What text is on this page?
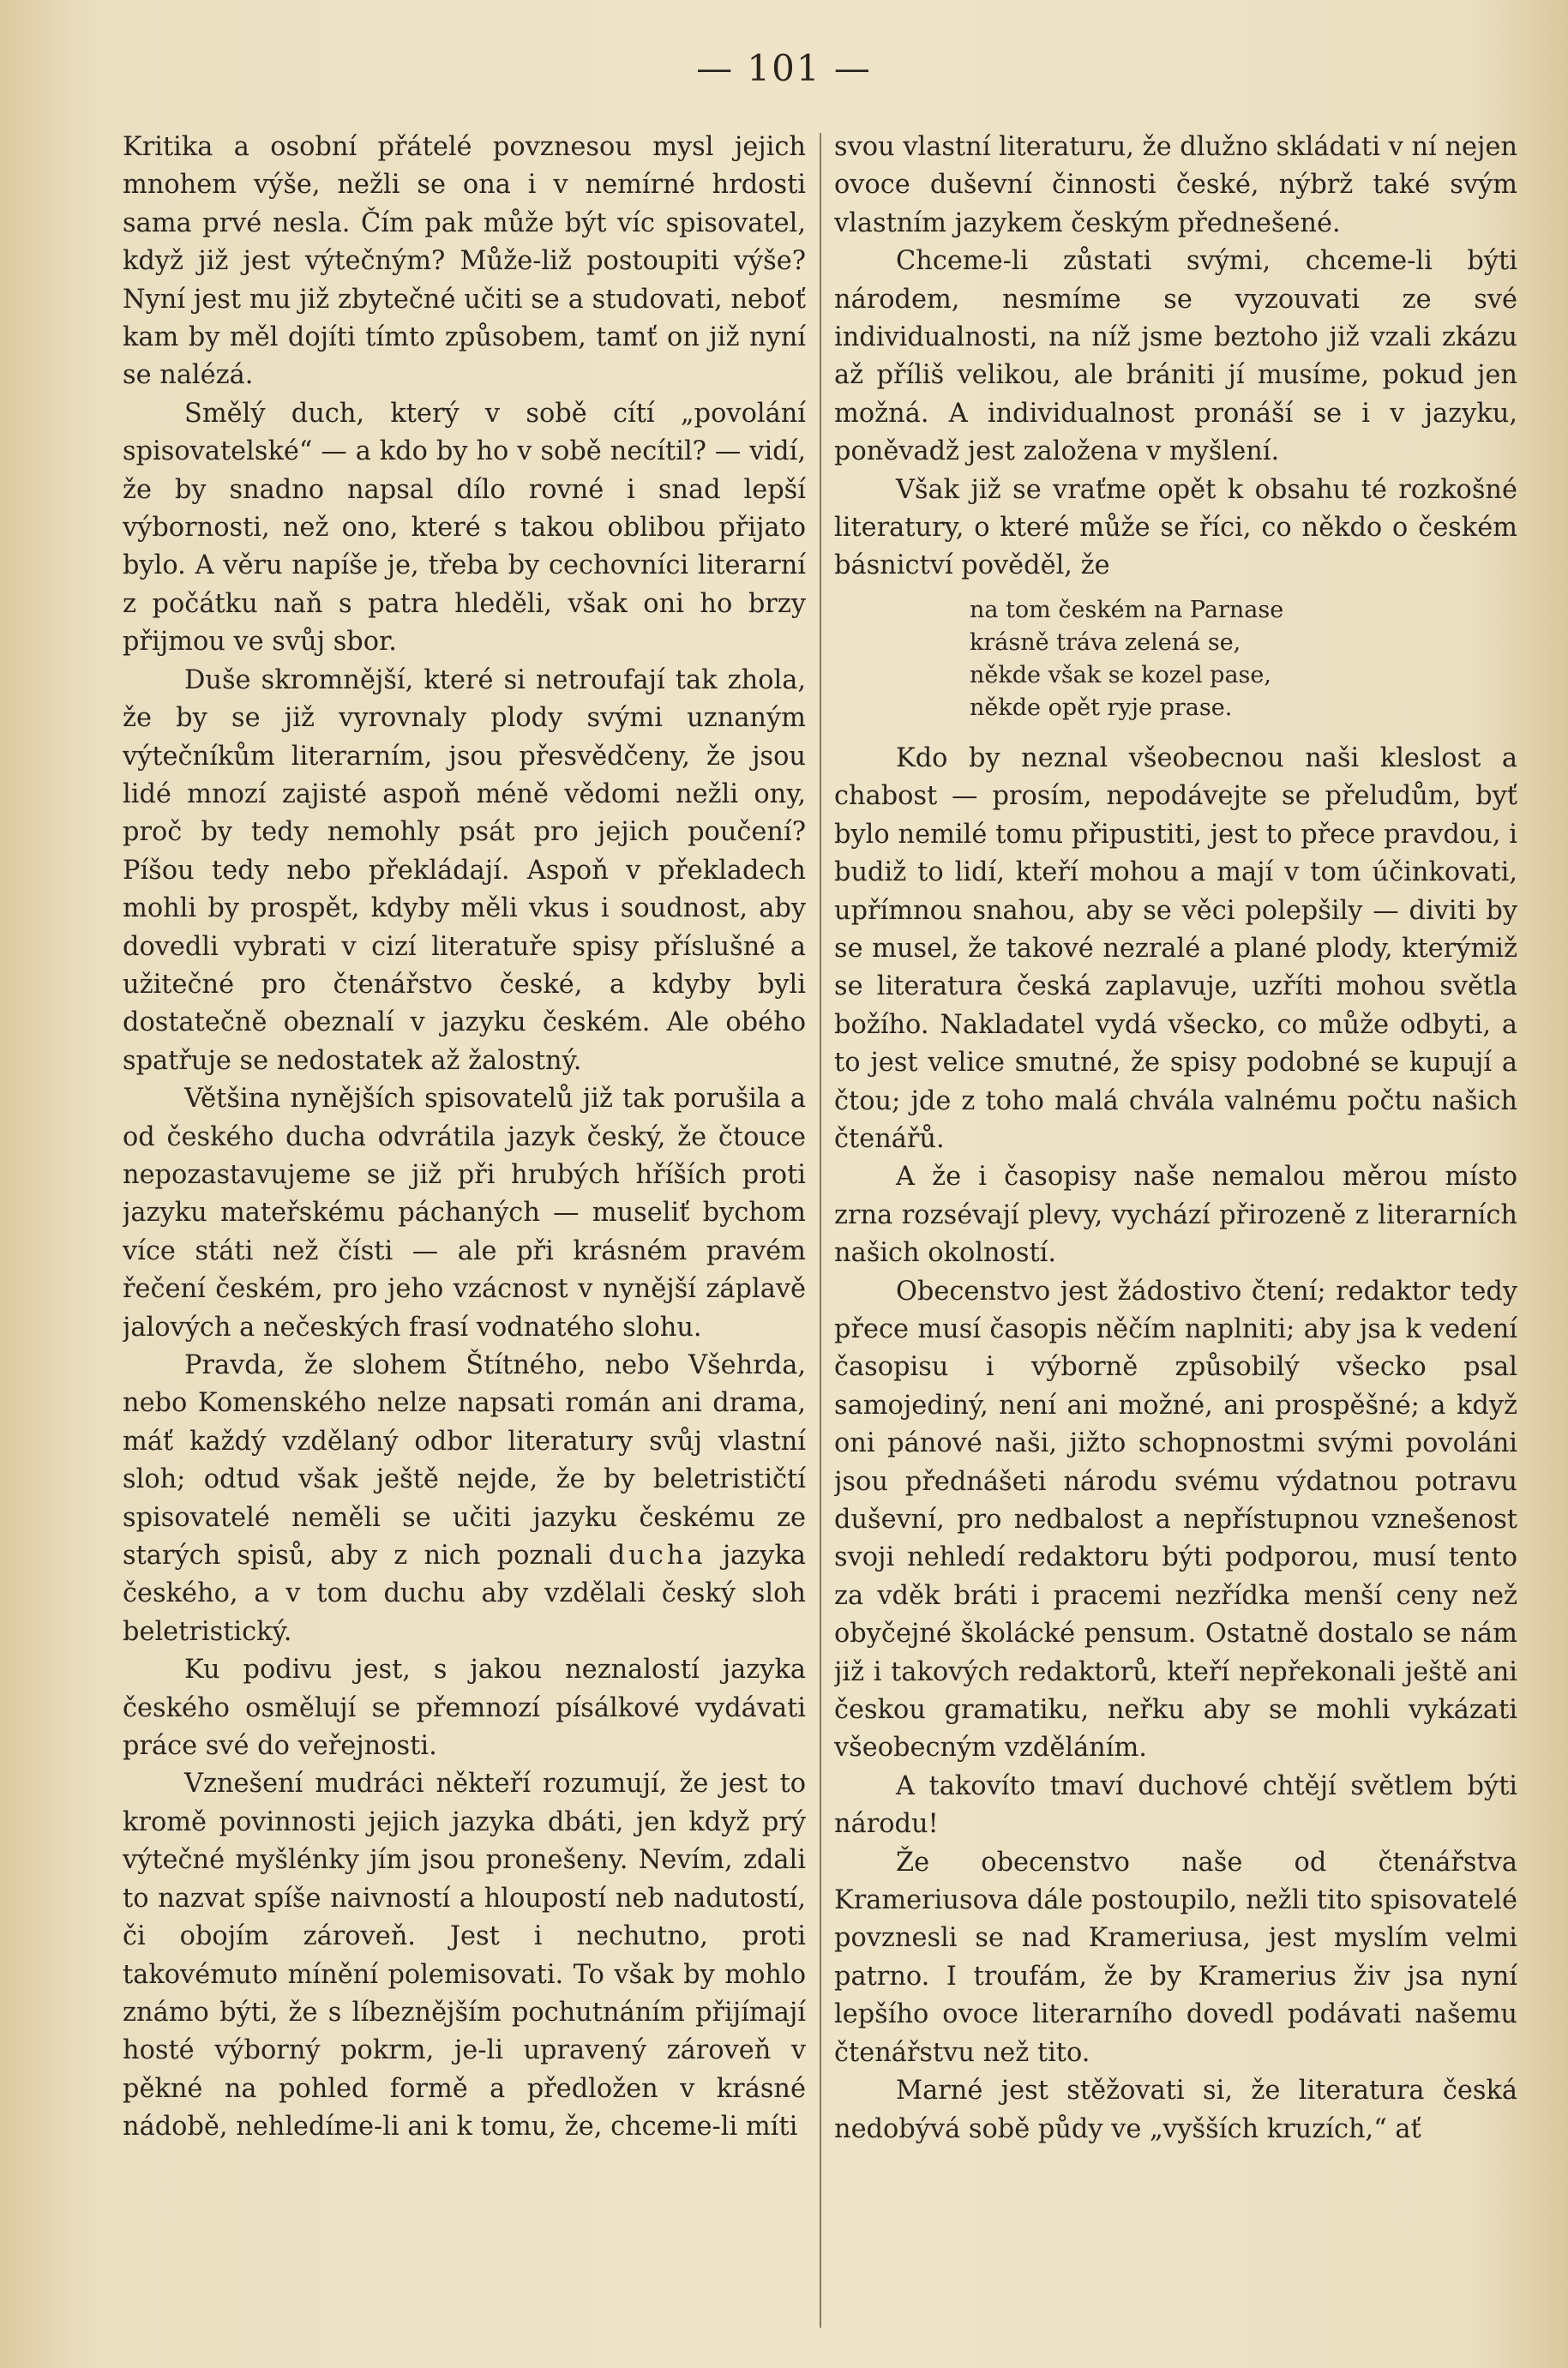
— 101 —

Kritika a osobní přátelé povznesou mysl jejich mnohem výše, nežli se ona i v nemírné hrdosti sama prvé nesla. Čím pak může být víc spisovatel, když již jest výtečným? Může-liž postoupiti výše? Nyní jest mu již zbytečné učiti se a studovati, neboť kam by měl dojíti tímto způsobem, tamť on již nyní se nalézá.

Smělý duch, který v sobě cítí „povolání spisovatelské“ — a kdo by ho v sobě necítil? — vidí, že by snadno napsal dílo rovné i snad lepší výbornosti, než ono, které s takou oblibou přijato bylo. A věru napíše je, třeba by cechovníci literarní z počátku naň s patra hleděli, však oni ho brzy přijmou ve svůj sbor.

Duše skromnější, které si netroufají tak zhola, že by se již vyrovnaly plody svými uznaným výtečníkům literarním, jsou přesvědčeny, že jsou lidé mnozí zajisté aspoň méně vědomi nežli ony, proč by tedy nemohly psát pro jejich poučení? Píšou tedy nebo překládají. Aspoň v překladech mohli by prospět, kdyby měli vkus i soudnost, aby dovedli vybrati v cizí literatuře spisy příslušné a užitečné pro čtenářstvo české, a kdyby byli dostatečně obeznalí v jazyku českém. Ale obého spatřuje se nedostatek až žalostný.

Většina nynějších spisovatelů již tak porušila a od českého ducha odvrátila jazyk český, že čtouce nepozastavujeme se již při hrubých hříších proti jazyku mateřskému páchaných — museliť bychom více státi než čísti — ale při krásném pravém řečení českém, pro jeho vzácnost v nynější záplavě jalových a nečeských frasí vodnatého slohu.

Pravda, že slohem Štítného, nebo Všehrda, nebo Komenského nelze napsati román ani drama, máť každý vzdělaný odbor literatury svůj vlastní sloh; odtud však ještě nejde, že by beletrističtí spisovatelé neměli se učiti jazyku českému ze starých spisů, aby z nich poznali ducha jazyka českého, a v tom duchu aby vzdělali český sloh beletristický.

Ku podivu jest, s jakou neznalostí jazyka českého osmělují se přemnozí písálkové vydávati práce své do veřejnosti.

Vznešení mudráci někteří rozumují, že jest to kromě povinnosti jejich jazyka dbáti, jen když prý výtečné myšlénky jím jsou pronešeny. Nevím, zdali to nazvat spíše naivností a hloupostí neb nadutostí, či obojím zároveň. Jest i nechutno, proti takovémuto mínění polemisovati. To však by mohlo známo býti, že s líbeznějším pochutnáním přijímají hosté výborný pokrm, je-li upravený zároveň v pěkné na pohled formě a předložen v krásné nádobě, nehledíme-li ani k tomu, že, chceme-li míti

svou vlastní literaturu, že dlužno skládati v ní nejen ovoce duševní činnosti české, nýbrž také svým vlastním jazykem českým přednešené.

Chceme-li zůstati svými, chceme-li býti národem, nesmíme se vyzouvati ze své individualnosti, na níž jsme beztoho již vzali zkázu až příliš velikou, ale brániti jí musíme, pokud jen možná. A individualnost pronáší se i v jazyku, poněvadž jest založena v myšlení.

Však již se vraťme opět k obsahu té rozkošné literatury, o které může se říci, co někdo o českém básnictví pověděl, že

na tom českém na Parnase
krásně tráva zelená se,
někde však se kozel pase,
někde opět ryje prase.

Kdo by neznal všeobecnou naši kleslost a chabost — prosím, nepodávejte se přeludům, byť bylo nemilé tomu připustiti, jest to přece pravdou, i budiž to lidí, kteří mohou a mají v tom účinkovati, upřímnou snahou, aby se věci polepšily — diviti by se musel, že takové nezralé a plané plody, kterýmiž se literatura česká zaplavuje, uzříti mohou světla božího. Nakladatel vydá všecko, co může odbyti, a to jest velice smutné, že spisy podobné se kupují a čtou; jde z toho malá chvála valnému počtu našich čtenářů.

A že i časopisy naše nemalou měrou místo zrna rozsévají plevy, vychází přirozeně z literarních našich okolností.

Obecenstvo jest žádostivo čtení; redaktor tedy přece musí časopis něčím naplniti; aby jsa k vedení časopisu i výborně způsobilý všecko psal samojediný, není ani možné, ani prospěšné; a když oni pánové naši, jižto schopnostmi svými povoláni jsou přednášeti národu svému výdatnou potravu duševní, pro nedbalost a nepřístupnou vznešenost svoji nehledí redaktoru býti podporou, musí tento za vděk bráti i pracemi nezřídka menší ceny než obyčejné školácké pensum. Ostatně dostalo se nám již i takových redaktorů, kteří nepřekonali ještě ani českou gramatiku, neřku aby se mohli vykázati všeobecným vzděláním.

A takovíto tmaví duchové chtějí světlem býti národu!

Že obecenstvo naše od čtenářstva Krameriusova dále postoupilo, nežli tito spisovatelé povznesli se nad Krameriusa, jest myslím velmi patrno. I troufám, že by Kramerius živ jsa nyní lepšího ovoce literarního dovedl podávati našemu čtenářstvu než tito.

Marné jest stěžovati si, že literatura česká nedobývá sobě půdy ve „vyšších kruzích,“ ať
